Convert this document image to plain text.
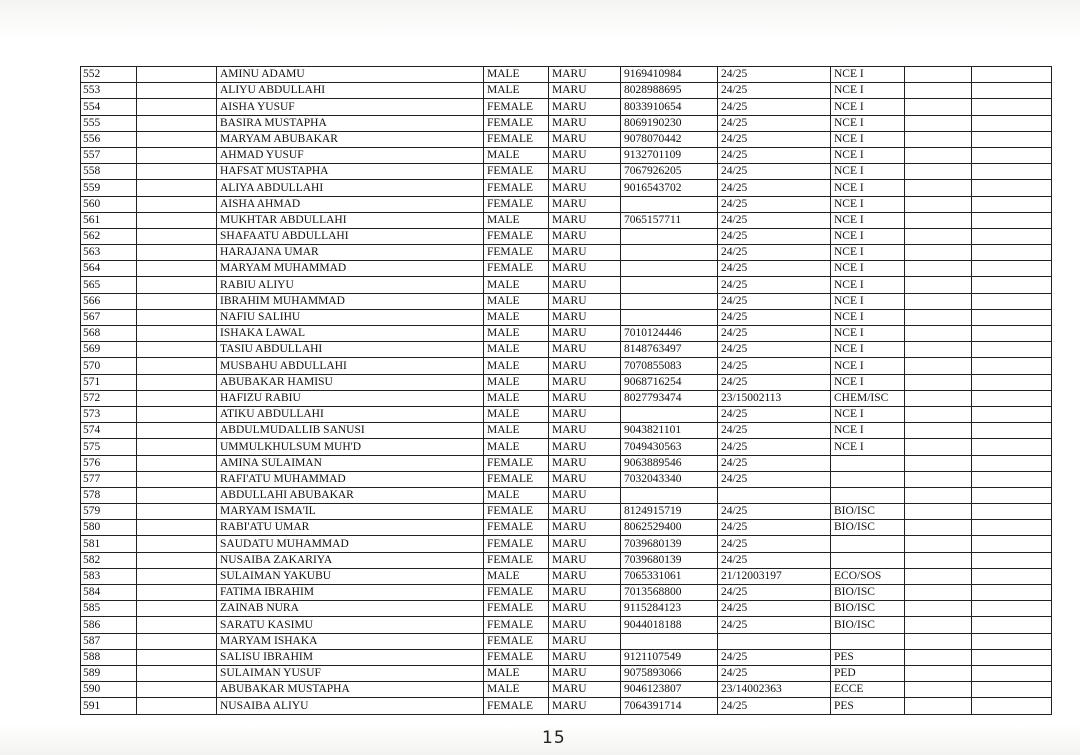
552		AMINU ADAMU	MALE	MARU	9169410984	24/25	NCE I		
553		ALIYU ABDULLAHI	MALE	MARU	8028988695	24/25	NCE I		
554		AISHA YUSUF	FEMALE	MARU	8033910654	24/25	NCE I		
555		BASIRA MUSTAPHA	FEMALE	MARU	8069190230	24/25	NCE I		
556		MARYAM ABUBAKAR	FEMALE	MARU	9078070442	24/25	NCE I		
557		AHMAD YUSUF	MALE	MARU	9132701109	24/25	NCE I		
558		HAFSAT MUSTAPHA	FEMALE	MARU	7067926205	24/25	NCE I		
559		ALIYA ABDULLAHI	FEMALE	MARU	9016543702	24/25	NCE I		
560		AISHA AHMAD	FEMALE	MARU		24/25	NCE I		
561		MUKHTAR ABDULLAHI	MALE	MARU	7065157711	24/25	NCE I		
562		SHAFAATU ABDULLAHI	FEMALE	MARU		24/25	NCE I		
563		HARAJANA UMAR	FEMALE	MARU		24/25	NCE I		
564		MARYAM MUHAMMAD	FEMALE	MARU		24/25	NCE I		
565		RABIU ALIYU	MALE	MARU		24/25	NCE I		
566		IBRAHIM MUHAMMAD	MALE	MARU		24/25	NCE I		
567		NAFIU SALIHU	MALE	MARU		24/25	NCE I		
568		ISHAKA LAWAL	MALE	MARU	7010124446	24/25	NCE I		
569		TASIU ABDULLAHI	MALE	MARU	8148763497	24/25	NCE I		
570		MUSBAHU ABDULLAHI	MALE	MARU	7070855083	24/25	NCE I		
571		ABUBAKAR HAMISU	MALE	MARU	9068716254	24/25	NCE I		
572		HAFIZU RABIU	MALE	MARU	8027793474	23/15002113	CHEM/ISC		
573		ATIKU ABDULLAHI	MALE	MARU		24/25	NCE I		
574		ABDULMUDALLIB SANUSI	MALE	MARU	9043821101	24/25	NCE I		
575		UMMULKHULSUM MUH'D	MALE	MARU	7049430563	24/25	NCE I		
576		AMINA SULAIMAN	FEMALE	MARU	9063889546	24/25			
577		RAFI'ATU MUHAMMAD	FEMALE	MARU	7032043340	24/25			
578		ABDULLAHI ABUBAKAR	MALE	MARU					
579		MARYAM ISMA'IL	FEMALE	MARU	8124915719	24/25	BIO/ISC		
580		RABI'ATU UMAR	FEMALE	MARU	8062529400	24/25	BIO/ISC		
581		SAUDATU MUHAMMAD	FEMALE	MARU	7039680139	24/25			
582		NUSAIBA ZAKARIYA	FEMALE	MARU	7039680139	24/25			
583		SULAIMAN YAKUBU	MALE	MARU	7065331061	21/12003197	ECO/SOS		
584		FATIMA IBRAHIM	FEMALE	MARU	7013568800	24/25	BIO/ISC		
585		ZAINAB NURA	FEMALE	MARU	9115284123	24/25	BIO/ISC		
586		SARATU KASIMU	FEMALE	MARU	9044018188	24/25	BIO/ISC		
587		MARYAM ISHAKA	FEMALE	MARU					
588		SALISU IBRAHIM	FEMALE	MARU	9121107549	24/25	PES		
589		SULAIMAN YUSUF	MALE	MARU	9075893066	24/25	PED		
590		ABUBAKAR MUSTAPHA	MALE	MARU	9046123807	23/14002363	ECCE		
591		NUSAIBA ALIYU	FEMALE	MARU	7064391714	24/25	PES		
15
